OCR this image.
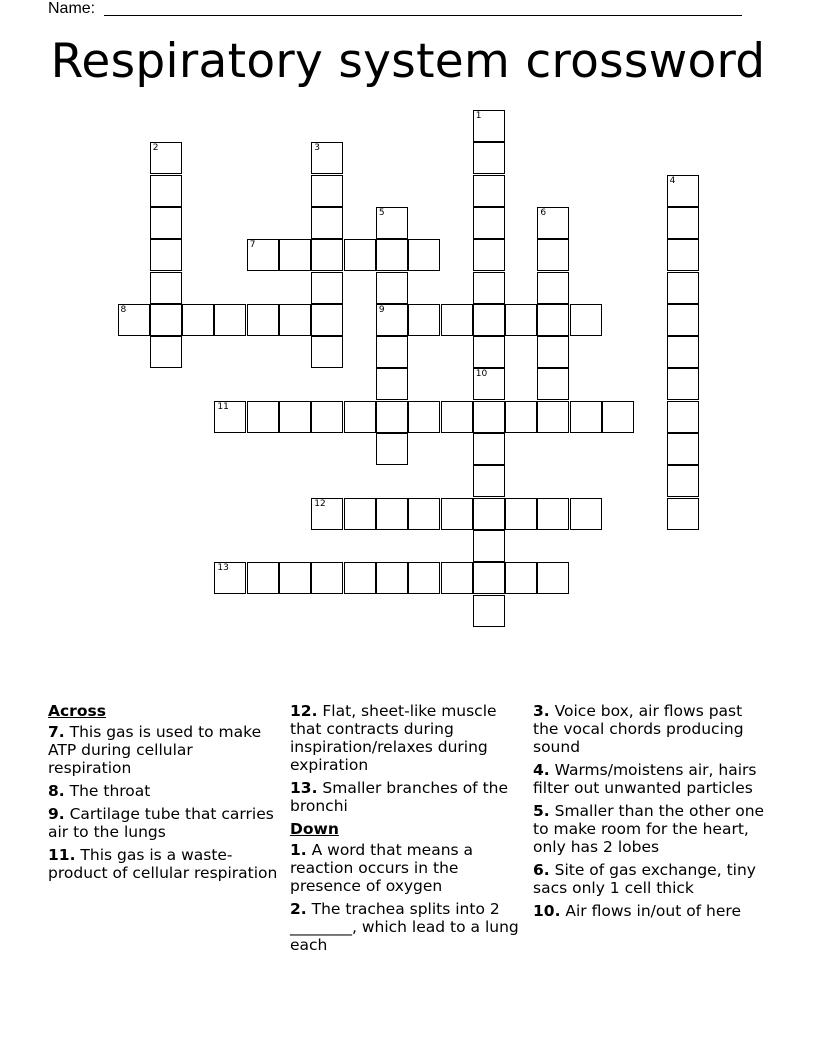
Name:
Respiratory system crossword
1
10
2	3
4
5
9
6
7
8
11
12
13
Across
7. This gas is used to make ATP during cellular respiration
8. The throat
9. Cartilage tube that carries air to the lungs
11. This gas is a waste-product of cellular respiration
12. Flat, sheet-like muscle that contracts during inspiration/relaxes during expiration
13. Smaller branches of the bronchi
Down
1. A word that means a reaction occurs in the presence of oxygen
2. The trachea splits into 2 ________, which lead to a lung each
3. Voice box, air flows past the vocal chords producing sound
4. Warms/moistens air, hairs filter out unwanted particles
5. Smaller than the other one to make room for the heart, only has 2 lobes
6. Site of gas exchange, tiny sacs only 1 cell thick
10. Air flows in/out of here
